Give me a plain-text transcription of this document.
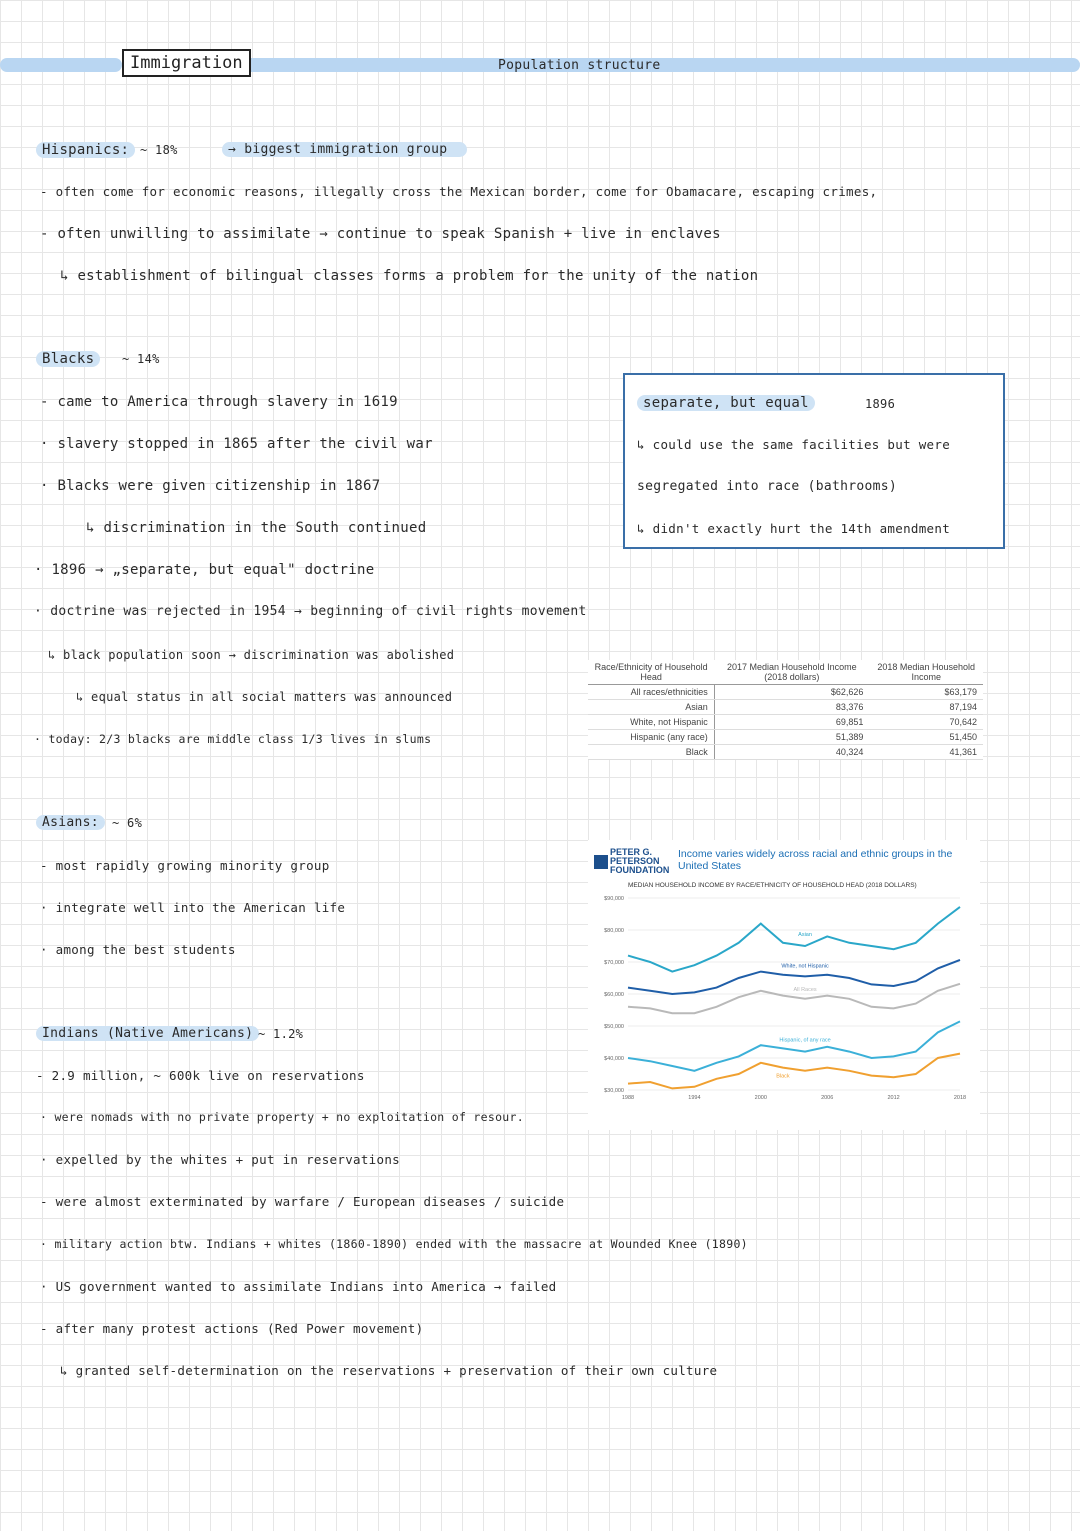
Immigration	Population structure
Hispanics: ~ 18%	→ biggest immigration group
- often come for economic reasons, illegally cross the Mexican border, come for Obamacare, escaping crimes,
- often unwilling to assimilate → continue to speak Spanish + live in enclaves
↳ establishment of bilingual classes forms a problem for the unity of the nation
Blacks	~ 14%
- came to America through slavery in 1619
· slavery stopped in 1865 after the civil war
· Blacks were given citizenship in 1867
↳ discrimination in the South continued
· 1896 → „separate, but equal" doctrine
· doctrine was rejected in 1954 → beginning of civil rights movement
↳ black population soon → discrimination was abolished
↳ equal status in all social matters was announced
· today: 2/3 blacks are middle class 1/3 lives in slums
separate, but equal	1896
↳ could use the same facilities but were
segregated into race (bathrooms)
↳ didn't exactly hurt the 14th amendment
Race/Ethnicity of Household Head	2017 Median Household Income (2018 dollars)	2018 Median Household Income
All races/ethnicities	$62,626	$63,179
Asian	83,376	87,194
White, not Hispanic	69,851	70,642
Hispanic (any race)	51,389	51,450
Black	40,324	41,361
Asians:	~ 6%
- most rapidly growing minority group
· integrate well into the American life
· among the best students
PETER G. PETERSON FOUNDATION
Income varies widely across racial and ethnic groups in the United States
MEDIAN HOUSEHOLD INCOME BY RACE/ETHNICITY OF HOUSEHOLD HEAD (2018 DOLLARS)
$30,000
$40,000
$50,000
$60,000
$70,000
$80,000
$90,000
1988	1994	2000	2006	2012	2018
Asian
White, not Hispanic
All Races
Hispanic, of any race
Black
Indians (Native Americans) ~ 1.2%
- 2.9 million, ~ 600k live on reservations
· were nomads with no private property + no exploitation of resour.
· expelled by the whites + put in reservations
- were almost exterminated by warfare / European diseases / suicide
· military action btw. Indians + whites (1860-1890) ended with the massacre at Wounded Knee (1890)
· US government wanted to assimilate Indians into America → failed
- after many protest actions (Red Power movement)
↳ granted self-determination on the reservations + preservation of their own culture
